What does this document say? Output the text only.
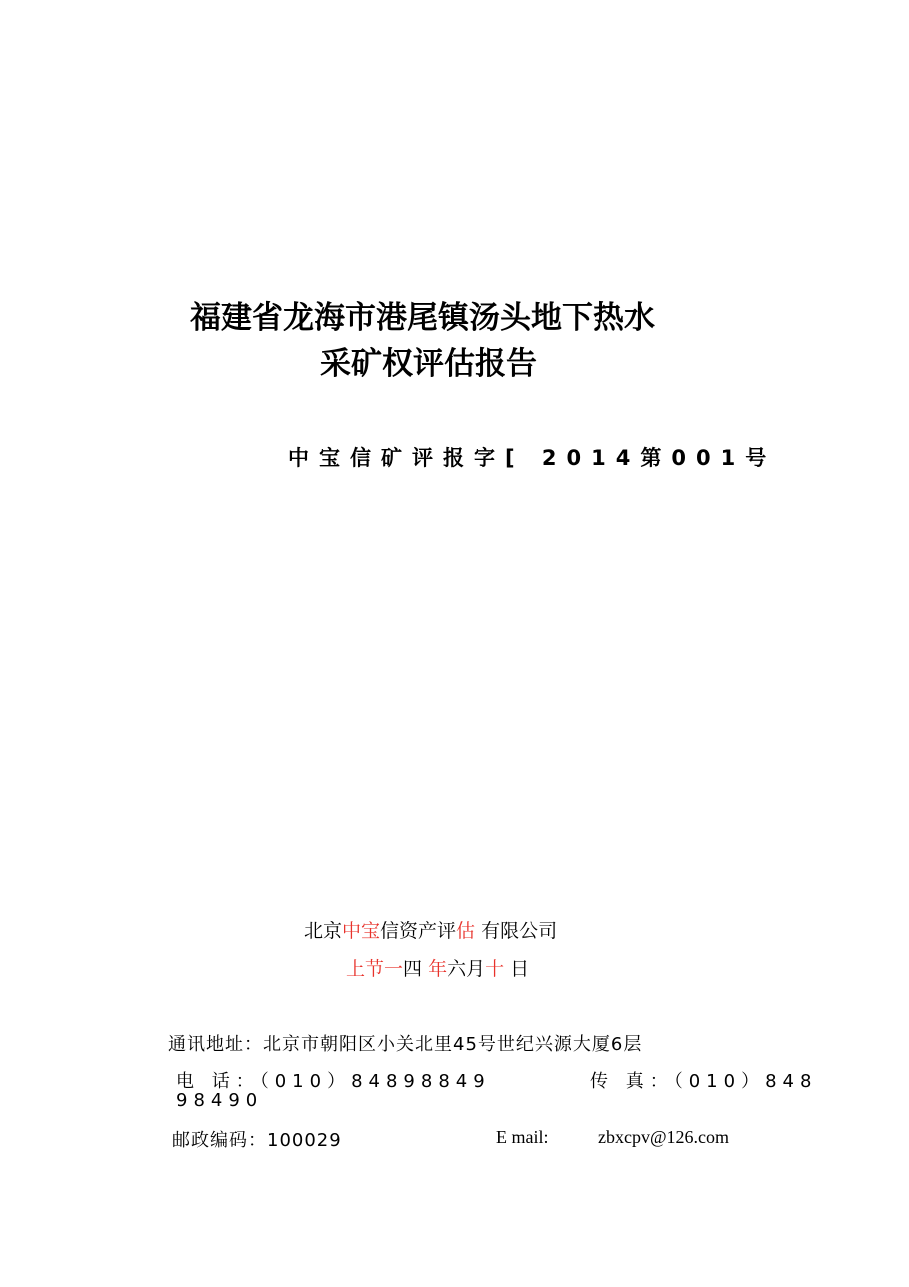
福建省龙海市港尾镇汤头地下热水
采矿权评估报告
中宝信矿评报字[ 2014第001号
北京中宝信资产评估 有限公司
上节一四 年六月十 日
通讯地址：北京市朝阳区小关北里45号世纪兴源大厦6层
电 话：（010）84898849	传 真：（010）848
98490
邮政编码：100029	E mail:	zbxcpv@126.com
